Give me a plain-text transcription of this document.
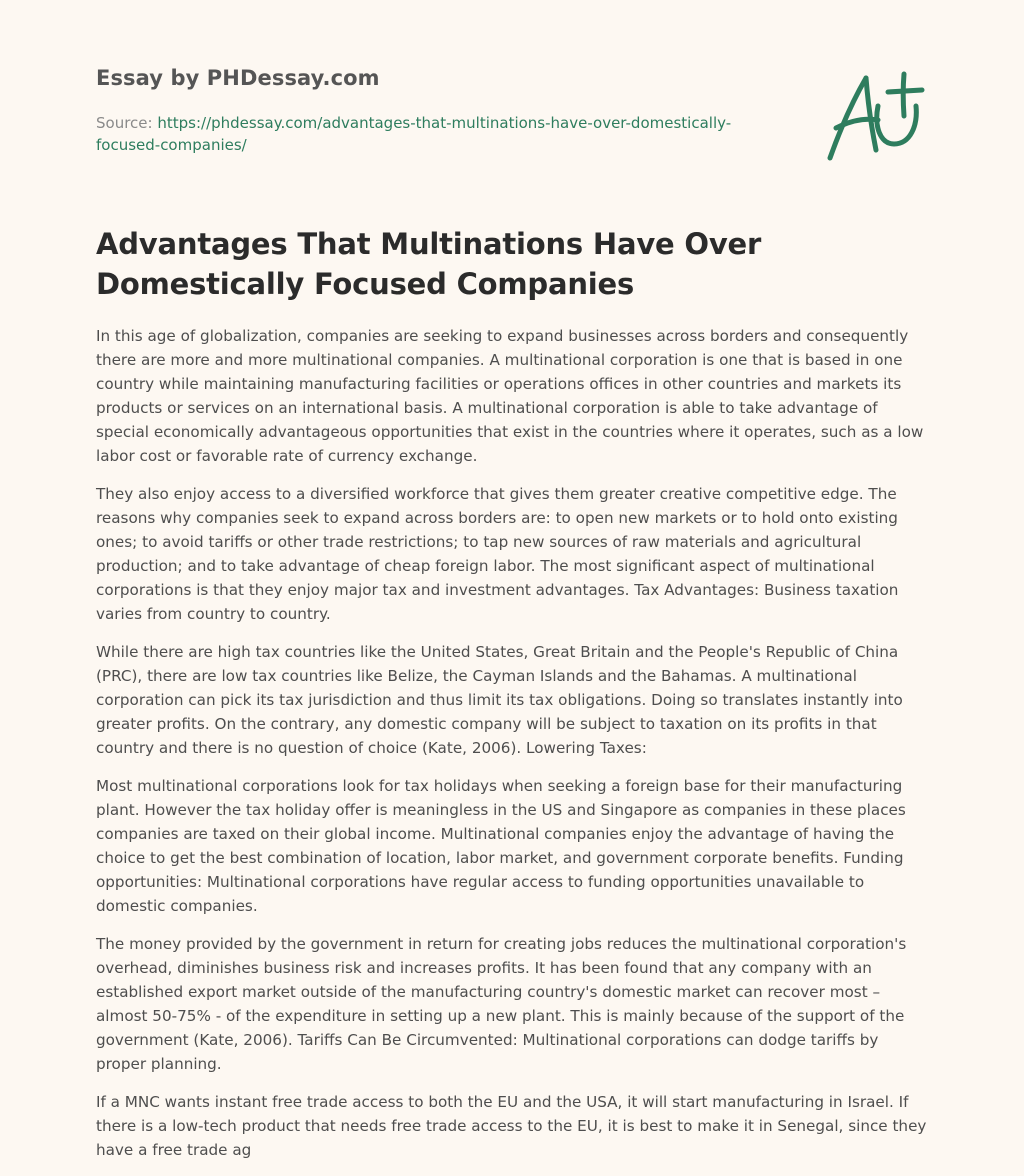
Essay by PHDessay.com
Source: https://phdessay.com/advantages-that-multinations-have-over-domestically-focused-companies/
Advantages That Multinations Have Over Domestically Focused Companies

In this age of globalization, companies are seeking to expand businesses across borders and consequently there are more and more multinational companies. A multinational corporation is one that is based in one country while maintaining manufacturing facilities or operations offices in other countries and markets its products or services on an international basis. A multinational corporation is able to take advantage of special economically advantageous opportunities that exist in the countries where it operates, such as a low labor cost or favorable rate of currency exchange.

They also enjoy access to a diversified workforce that gives them greater creative competitive edge. The reasons why companies seek to expand across borders are: to open new markets or to hold onto existing ones; to avoid tariffs or other trade restrictions; to tap new sources of raw materials and agricultural production; and to take advantage of cheap foreign labor. The most significant aspect of multinational corporations is that they enjoy major tax and investment advantages. Tax Advantages: Business taxation varies from country to country.

While there are high tax countries like the United States, Great Britain and the People's Republic of China (PRC), there are low tax countries like Belize, the Cayman Islands and the Bahamas. A multinational corporation can pick its tax jurisdiction and thus limit its tax obligations. Doing so translates instantly into greater profits. On the contrary, any domestic company will be subject to taxation on its profits in that country and there is no question of choice (Kate, 2006). Lowering Taxes:

Most multinational corporations look for tax holidays when seeking a foreign base for their manufacturing plant. However the tax holiday offer is meaningless in the US and Singapore as companies in these places companies are taxed on their global income. Multinational companies enjoy the advantage of having the choice to get the best combination of location, labor market, and government corporate benefits. Funding opportunities: Multinational corporations have regular access to funding opportunities unavailable to domestic companies.

The money provided by the government in return for creating jobs reduces the multinational corporation's overhead, diminishes business risk and increases profits. It has been found that any company with an established export market outside of the manufacturing country's domestic market can recover most – almost 50-75% - of the expenditure in setting up a new plant. This is mainly because of the support of the government (Kate, 2006). Tariffs Can Be Circumvented: Multinational corporations can dodge tariffs by proper planning.

If a MNC wants instant free trade access to both the EU and the USA, it will start manufacturing in Israel. If there is a low-tech product that needs free trade access to the EU, it is best to make it in Senegal, since they have a free trade ag
